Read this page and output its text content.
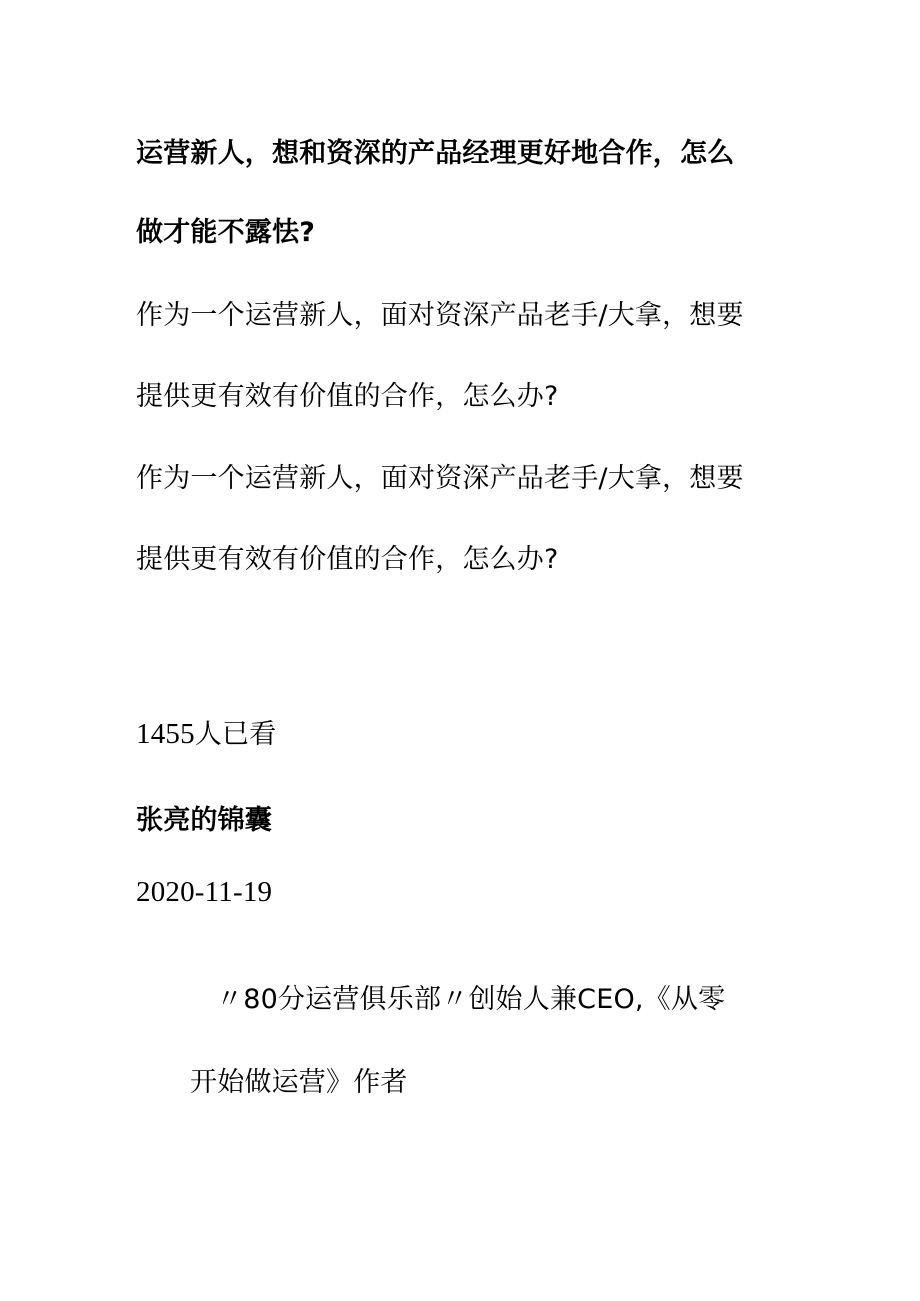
运营新人，想和资深的产品经理更好地合作，怎么
做才能不露怯?
作为一个运营新人，面对资深产品老手/大拿，想要
提供更有效有价值的合作，怎么办?
作为一个运营新人，面对资深产品老手/大拿，想要
提供更有效有价值的合作，怎么办?
1455人已看
张亮的锦囊
2020-11-19
〃80分运营俱乐部〃创始人兼CEO,《从零
开始做运营》作者
